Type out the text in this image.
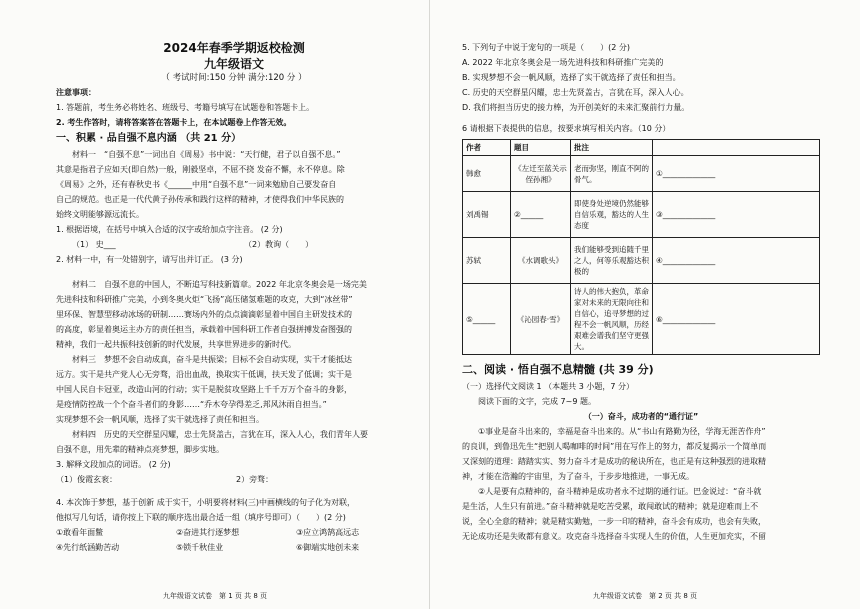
2024年春季学期返校检测
九年级语文
（ 考试时间:150 分钟 满分:120 分 ）
注意事项：
1. 答题前，考生务必将姓名、班级号、考籍号填写在试题卷和答题卡上。
2. 考生作答时，请将答案答在答题卡上，在本试题卷上作答无效。
一、积累 · 品自强不息内涵 （共 21 分）
材料一　“自强不息”一词出自《周易》书中说：“天行健，君子以自强不息。”
其意是指君子应如天(即自然)一般，刚毅坚卓，不屈不挠 发奋不懈，永不停息。除
《周易》之外，还有春秋史书《______中用“自强不息”一词来勉励自己要发奋自
自己的规范。也正是一代代黄子孙传承和践行这样的精神，才使得我们中华民族的
始终文明能够源远流长。
1. 根据语境，在括号中填入合适的汉字或给加点字注音。 (2 分)
（1） 史___	（2）教询（　　）
2. 材料一中，有一处错别字，请写出并订正。 (3 分)
材料二　自强不息的中国人，不断追写科技新篇章。2022 年北京冬奥会是一场完美
先进科技和科研推广完美，小到冬奥火炬“飞扬”高压储氢难题的攻克，大到“冰丝带”
里环保、智慧型移动冰场的研制……赛场内外的点点滴滴彰显着中国自主研发技术的
的高度，彰显着奥运主办方的责任担当，承载着中国科研工作者自强拼搏发奋图强的
精神，我们一起共振科技创新的时代发展，共享世界进步的新时代。
材料三　梦想不会自动成真，奋斗是共振梁；目标不会自动实现，实干才能抵达
远方。实干是共产党人心无旁骛，沿出血战，换取实干低调，扶天发了低调；实干是
中国人民自卡冠亚，改造山河的行动；实干是脱贫攻坚路上千千万万个奋斗的身影，
是疫情防控战一个个奋斗者们的身影……“乔木夸孕得差乏,邦风沐雨自担当。”
实现梦想不会一帆风顺，选择了实干就选择了责任和担当。
材料四　历史的天空群星闪耀，忠士先贤盖古，言犹在耳，深入人心，我们青年人要
自强不息，用先辈的精神点亮梦想，脚步实地。
3. 解释文段加点的词语。 (2 分)
（1）俊霞玄衮：	2）旁骛：
4. 本次饰于梦想，基于创新 成于实干，小明要将材料(三)中画横线的句子化为对联，
他拟写几句话，请你按上下联的顺序选出最合适一组（填序号即可）（　　）(2 分)
①敢看年面鳖	②奋进其行逐梦想	③应立鸿鹄高远志
④先行纸涵勤苦动	⑤锁千秋佳业	⑥御端实地创未来
九年级语文试卷　第 1 页 共 8 页
5. 下列句子中说于宠句的一项是（　　）(2 分)
A. 2022 年北京冬奥会是一场先进科技和科研推广完美的
B. 实现梦想不会一帆风顺，选择了实干就选择了责任和担当。
C. 历史的天空群星闪耀，忠士先贤盖古，言犹在耳，深入人心。
D. 我们将担当历史的接力棒，为开创美好的未来汇聚前行力量。
6 请根据下表提供的信息，按要求填写相关内容。（10 分）
作者	题目	批注	
韩愈	《左迁至蓝关示侄孙湘》	老而弥坚，刚直不阿的骨气。	①______________
刘禹锡	②______	即使身处逆境仍然能够自信乐观，豁达的人生态度	③______________
苏轼	《水调歌头》	我们能够受到追随千里之人，何等乐观豁达积极的	④______________
⑤______	《沁园春·雪》	诗人的伟大抱负，革命家对未来的无限向往和自信心，追寻梦想的过程不会一帆风顺，历经艰难会谱我们坚守更强大。	⑥______________
二、阅读 · 悟自强不息精髓 (共 39 分)
（一）选择代文阅读 1 （本题共 3 小题，7 分）
阅读下面的文字，完成 7~9 题。
（一）奋斗，成功者的“通行证”
①事业是奋斗出来的，幸福是奋斗出来的。从“书山有路勤为径，学海无涯苦作舟”
的良训，到鲁迅先生“把别人喝咖啡的时间”用在写作上的努力，都反复揭示一个简单而
又深刻的道理：踏踏实实、努力奋斗才是成功的秘诀所在，也正是有这种强烈的进取精
神，才能在浩瀚的宇宙里，为了奋斗，于步步地推进，一事无成。
②人是要有点精神的，奋斗精神是成功者永不过期的通行证。巴金说过：“奋斗就
是生活，人生只有前进。”奋斗精神就是吃苦受累，敢闯敢试的精神；就是迎难而上不
说，全心全意的精神；就是精实勤勉，一步一印的精神，奋斗会有成功，也会有失败，
无论成功还是失败都有意义。攻克奋斗选择奋斗实现人生的价值，人生更加充实，不留
九年级语文试卷　第 2 页 共 8 页
